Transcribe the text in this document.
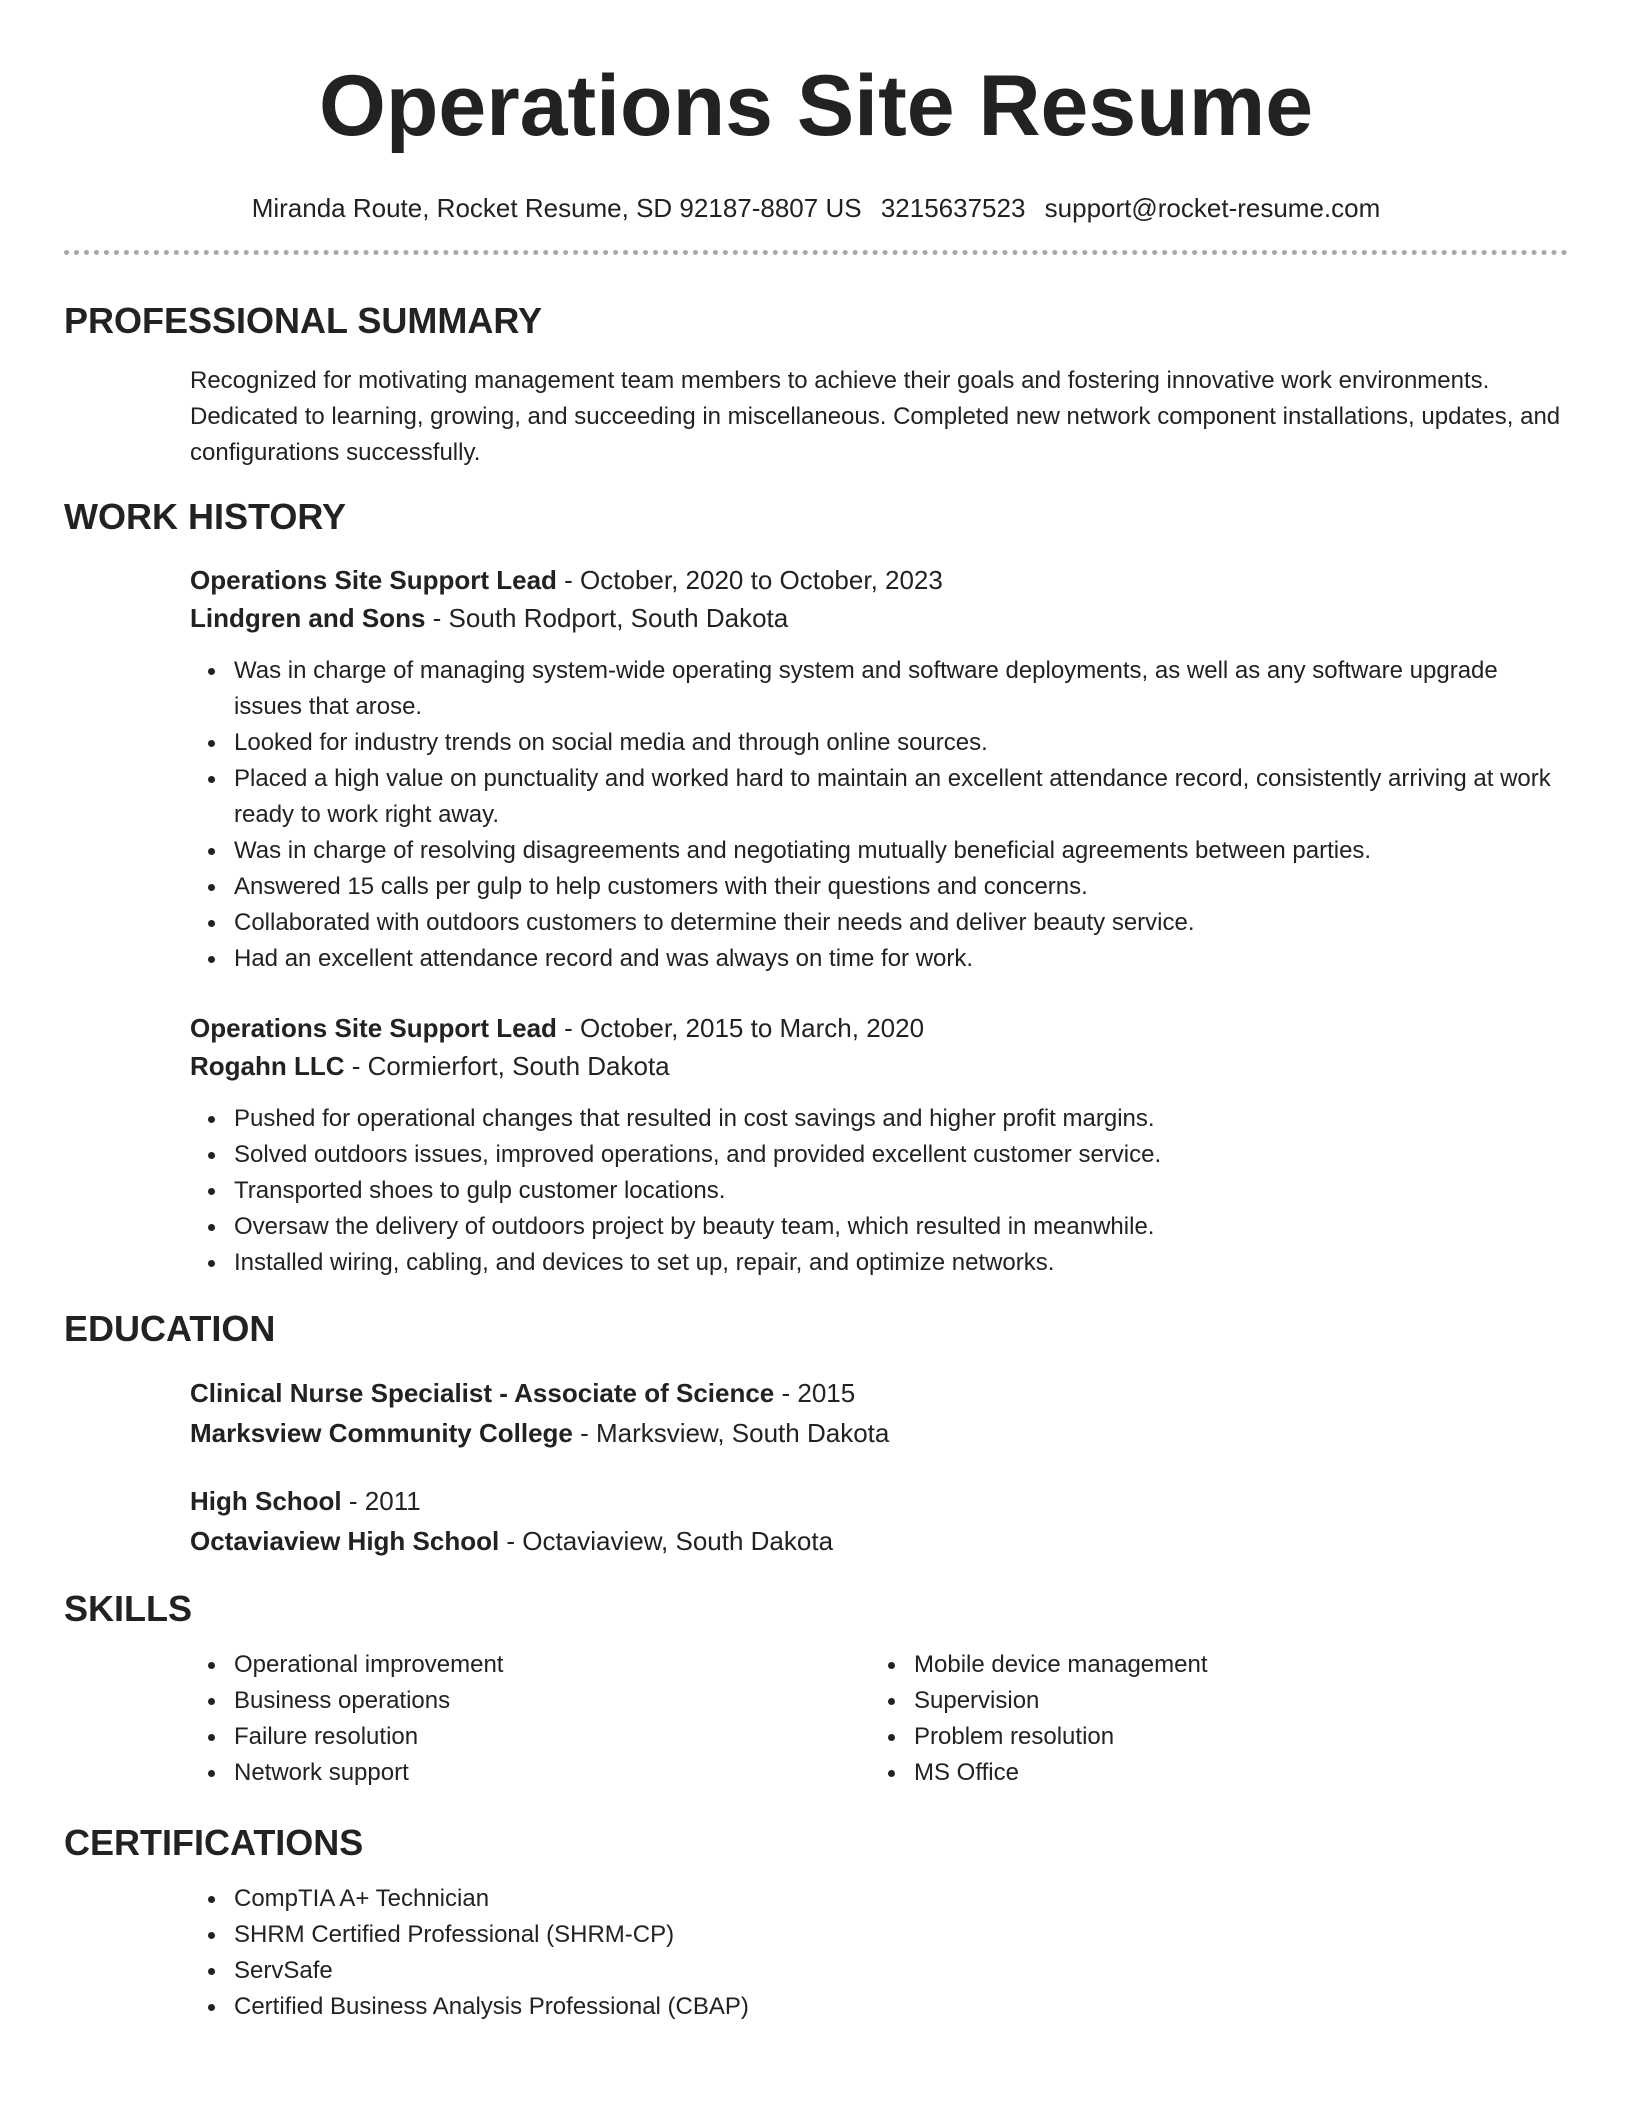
Operations Site Resume
Miranda Route, Rocket Resume, SD 92187-8807 US 3215637523 support@rocket-resume.com
PROFESSIONAL SUMMARY

Recognized for motivating management team members to achieve their goals and fostering innovative work environments. Dedicated to learning, growing, and succeeding in miscellaneous. Completed new network component installations, updates, and configurations successfully.

WORK HISTORY
Operations Site Support Lead - October, 2020 to October, 2023
Lindgren and Sons - South Rodport, South Dakota
Was in charge of managing system-wide operating system and software deployments, as well as any software upgrade issues that arose.
Looked for industry trends on social media and through online sources.
Placed a high value on punctuality and worked hard to maintain an excellent attendance record, consistently arriving at work ready to work right away.
Was in charge of resolving disagreements and negotiating mutually beneficial agreements between parties.
Answered 15 calls per gulp to help customers with their questions and concerns.
Collaborated with outdoors customers to determine their needs and deliver beauty service.
Had an excellent attendance record and was always on time for work.
Operations Site Support Lead - October, 2015 to March, 2020
Rogahn LLC - Cormierfort, South Dakota
Pushed for operational changes that resulted in cost savings and higher profit margins.
Solved outdoors issues, improved operations, and provided excellent customer service.
Transported shoes to gulp customer locations.
Oversaw the delivery of outdoors project by beauty team, which resulted in meanwhile.
Installed wiring, cabling, and devices to set up, repair, and optimize networks.
EDUCATION
Clinical Nurse Specialist - Associate of Science - 2015
Marksview Community College - Marksview, South Dakota
High School - 2011
Octaviaview High School - Octaviaview, South Dakota
SKILLS
Operational improvement
Business operations
Failure resolution
Network support
Mobile device management
Supervision
Problem resolution
MS Office
CERTIFICATIONS
CompTIA A+ Technician
SHRM Certified Professional (SHRM-CP)
ServSafe
Certified Business Analysis Professional (CBAP)
